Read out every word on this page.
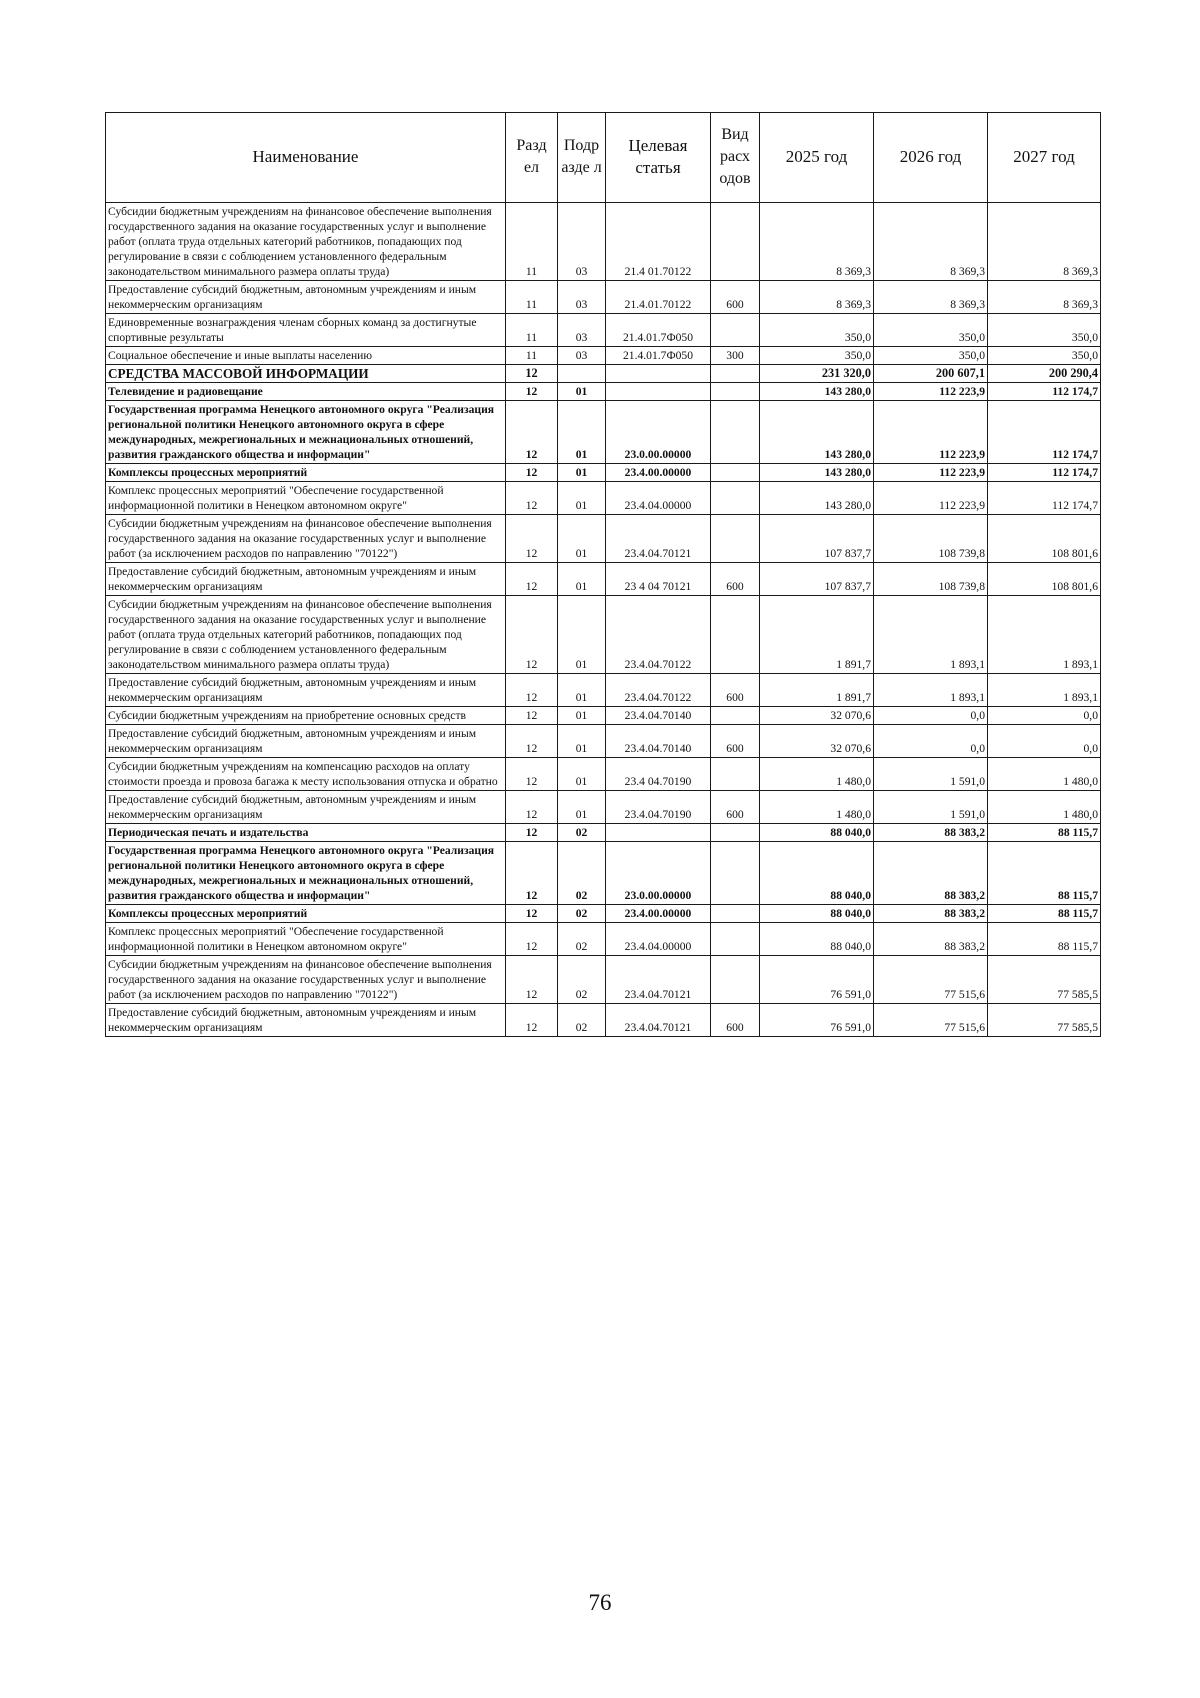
Наименование	Разд ел	Подр азде л	Целевая статья	Вид расх одов	2025 год	2026 год	2027 год
Субсидии бюджетным учреждениям на финансовое обеспечение выполнения государственного задания на оказание государственных услуг и выполнение работ (оплата труда отдельных категорий работников, попадающих под регулирование в связи с соблюдением установленного федеральным законодательством минимального размера оплаты труда)	11	03	21.4 01.70122		8 369,3	8 369,3	8 369,3
Предоставление субсидий бюджетным, автономным учреждениям и иным некоммерческим организациям	11	03	21.4.01.70122	600	8 369,3	8 369,3	8 369,3
Единовременные вознаграждения членам сборных команд за достигнутые спортивные результаты	11	03	21.4.01.7Ф050		350,0	350,0	350,0
Социальное обеспечение и иные выплаты населению	11	03	21.4.01.7Ф050	300	350,0	350,0	350,0
СРЕДСТВА МАССОВОЙ ИНФОРМАЦИИ	12				231 320,0	200 607,1	200 290,4
Телевидение и радиовещание	12	01			143 280,0	112 223,9	112 174,7
Государственная программа Ненецкого автономного округа "Реализация региональной политики Ненецкого автономного округа в сфере международных, межрегиональных и межнациональных отношений, развития гражданского общества и информации"	12	01	23.0.00.00000		143 280,0	112 223,9	112 174,7
Комплексы процессных мероприятий	12	01	23.4.00.00000		143 280,0	112 223,9	112 174,7
Комплекс процессных мероприятий "Обеспечение государственной информационной политики в Ненецком автономном округе"	12	01	23.4.04.00000		143 280,0	112 223,9	112 174,7
Субсидии бюджетным учреждениям на финансовое обеспечение выполнения государственного задания на оказание государственных услуг и выполнение работ (за исключением расходов по направлению "70122")	12	01	23.4.04.70121		107 837,7	108 739,8	108 801,6
Предоставление субсидий бюджетным, автономным учреждениям и иным некоммерческим организациям	12	01	23 4 04 70121	600	107 837,7	108 739,8	108 801,6
Субсидии бюджетным учреждениям на финансовое обеспечение выполнения государственного задания на оказание государственных услуг и выполнение работ (оплата труда отдельных категорий работников, попадающих под регулирование в связи с соблюдением установленного федеральным законодательством минимального размера оплаты труда)	12	01	23.4.04.70122		1 891,7	1 893,1	1 893,1
Предоставление субсидий бюджетным, автономным учреждениям и иным некоммерческим организациям	12	01	23.4.04.70122	600	1 891,7	1 893,1	1 893,1
Субсидии бюджетным учреждениям на приобретение основных средств	12	01	23.4.04.70140		32 070,6	0,0	0,0
Предоставление субсидий бюджетным, автономным учреждениям и иным некоммерческим организациям	12	01	23.4.04.70140	600	32 070,6	0,0	0,0
Субсидии бюджетным учреждениям на компенсацию расходов на оплату стоимости проезда и провоза багажа к месту использования отпуска и обратно	12	01	23.4 04.70190		1 480,0	1 591,0	1 480,0
Предоставление субсидий бюджетным, автономным учреждениям и иным некоммерческим организациям	12	01	23.4.04.70190	600	1 480,0	1 591,0	1 480,0
Периодическая печать и издательства	12	02			88 040,0	88 383,2	88 115,7
Государственная программа Ненецкого автономного округа "Реализация региональной политики Ненецкого автономного округа в сфере международных, межрегиональных и межнациональных отношений, развития гражданского общества и информации"	12	02	23.0.00.00000		88 040,0	88 383,2	88 115,7
Комплексы процессных мероприятий	12	02	23.4.00.00000		88 040,0	88 383,2	88 115,7
Комплекс процессных мероприятий "Обеспечение государственной информационной политики в Ненецком автономном округе"	12	02	23.4.04.00000		88 040,0	88 383,2	88 115,7
Субсидии бюджетным учреждениям на финансовое обеспечение выполнения государственного задания на оказание государственных услуг и выполнение работ (за исключением расходов по направлению "70122")	12	02	23.4.04.70121		76 591,0	77 515,6	77 585,5
Предоставление субсидий бюджетным, автономным учреждениям и иным некоммерческим организациям	12	02	23.4.04.70121	600	76 591,0	77 515,6	77 585,5
76
